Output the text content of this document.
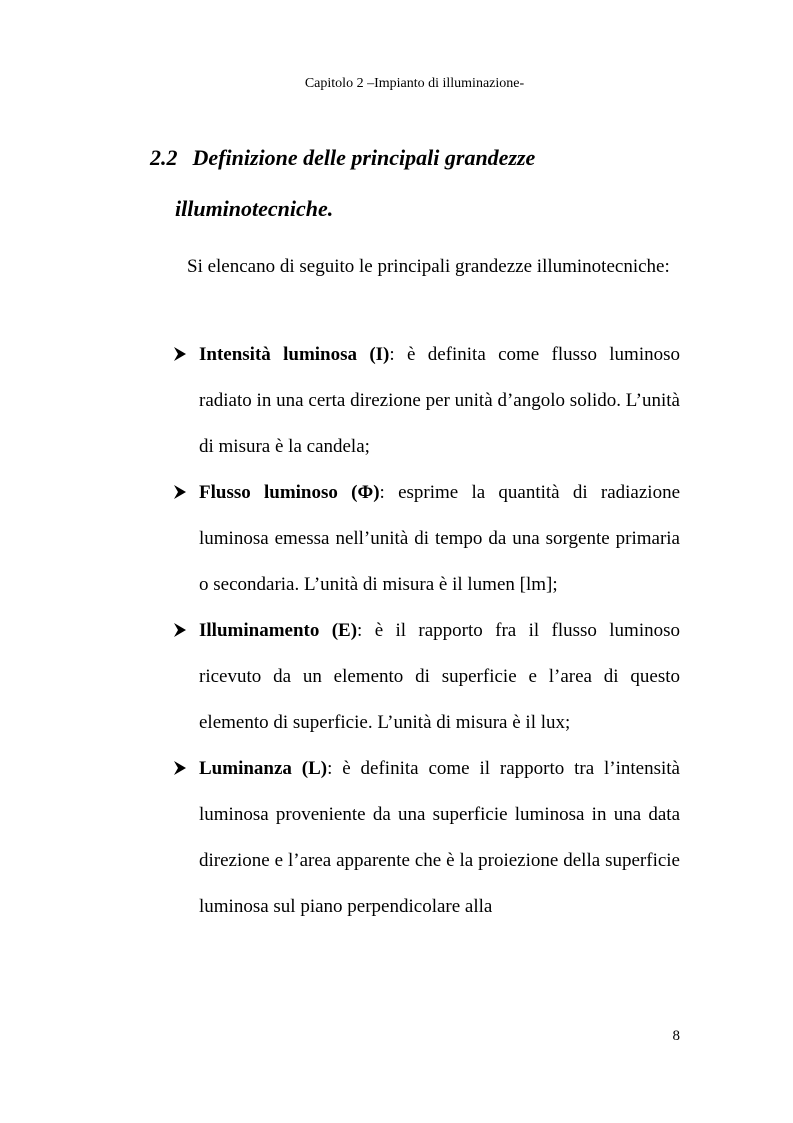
Capitolo 2 –Impianto di illuminazione-
2.2 Definizione delle principali grandezze
illuminotecniche.
Si elencano di seguito le principali grandezze illuminotecniche:
Intensità luminosa (I): è definita come flusso luminoso radiato in una certa direzione per unità d’angolo solido. L’unità di misura è la candela;
Flusso luminoso (Φ): esprime la quantità di radiazione luminosa emessa nell’unità di tempo da una sorgente primaria o secondaria. L’unità di misura è il lumen [lm];
Illuminamento (E): è il rapporto fra il flusso luminoso ricevuto da un elemento di superficie e l’area di questo elemento di superficie. L’unità di misura è il lux;
Luminanza (L): è definita come il rapporto tra l’intensità luminosa proveniente da una superficie luminosa in una data direzione e l’area apparente che è la proiezione della superficie luminosa sul piano perpendicolare alla
8
